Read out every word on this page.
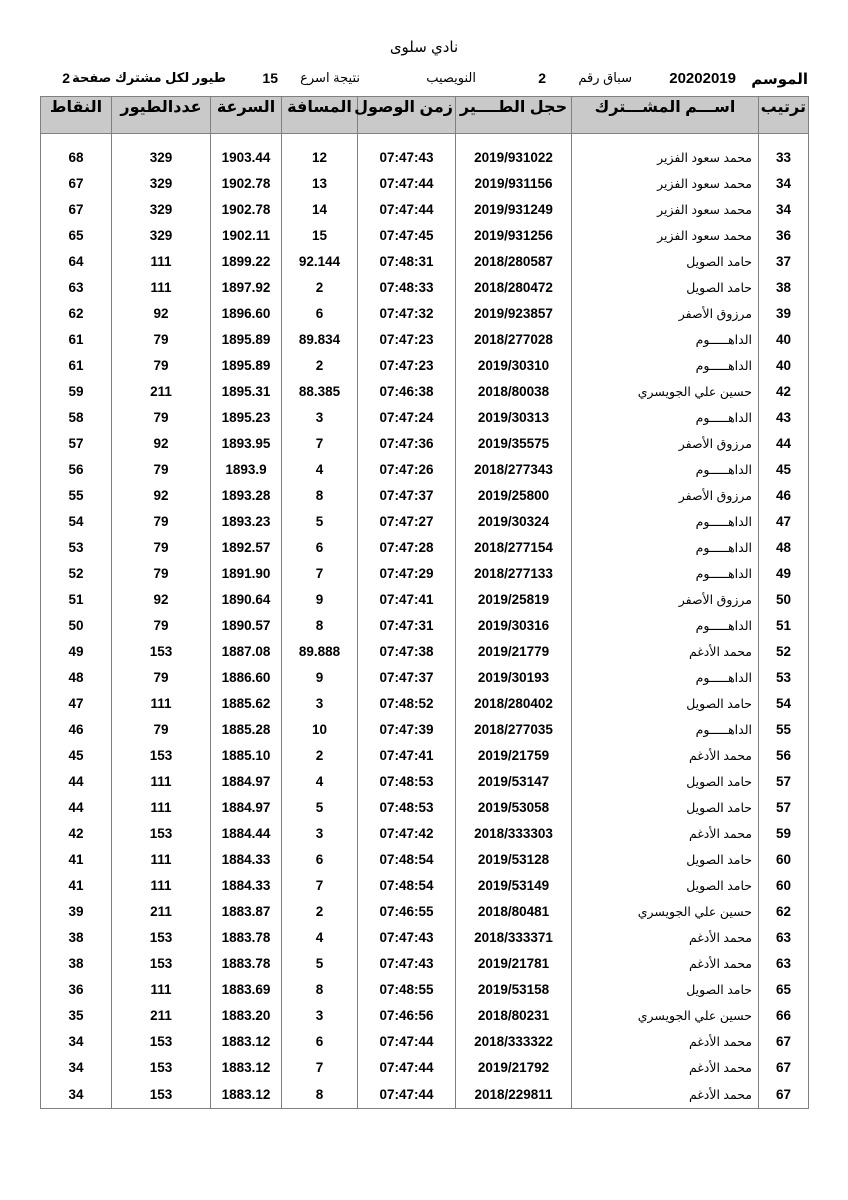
نادي سلوى
الموسم
20202019
سباق رقم
2
النويصيب
نتيجة اسرع
15
طيور لكل مشترك صفحة
2
ترتيب	اســـم المشـــترك	حجل الطــــير	زمن الوصول	المسافة	السرعة	عددالطيور	النقاط
33	محمد سعود الفزير	2019/931022	07:47:43	12	1903.44	329	68
34	محمد سعود الفزير	2019/931156	07:47:44	13	1902.78	329	67
34	محمد سعود الفزير	2019/931249	07:47:44	14	1902.78	329	67
36	محمد سعود الفزير	2019/931256	07:47:45	15	1902.11	329	65
37	حامد الصويل	2018/280587	07:48:31	92.144	1899.22	111	64
38	حامد الصويل	2018/280472	07:48:33	2	1897.92	111	63
39	مرزوق الأصفر	2019/923857	07:47:32	6	1896.60	92	62
40	الداهـــــوم	2018/277028	07:47:23	89.834	1895.89	79	61
40	الداهـــــوم	2019/30310	07:47:23	2	1895.89	79	61
42	حسين علي الجويسري	2018/80038	07:46:38	88.385	1895.31	211	59
43	الداهـــــوم	2019/30313	07:47:24	3	1895.23	79	58
44	مرزوق الأصفر	2019/35575	07:47:36	7	1893.95	92	57
45	الداهـــــوم	2018/277343	07:47:26	4	1893.9	79	56
46	مرزوق الأصفر	2019/25800	07:47:37	8	1893.28	92	55
47	الداهـــــوم	2019/30324	07:47:27	5	1893.23	79	54
48	الداهـــــوم	2018/277154	07:47:28	6	1892.57	79	53
49	الداهـــــوم	2018/277133	07:47:29	7	1891.90	79	52
50	مرزوق الأصفر	2019/25819	07:47:41	9	1890.64	92	51
51	الداهـــــوم	2019/30316	07:47:31	8	1890.57	79	50
52	محمد الأدغم	2019/21779	07:47:38	89.888	1887.08	153	49
53	الداهـــــوم	2019/30193	07:47:37	9	1886.60	79	48
54	حامد الصويل	2018/280402	07:48:52	3	1885.62	111	47
55	الداهـــــوم	2018/277035	07:47:39	10	1885.28	79	46
56	محمد الأدغم	2019/21759	07:47:41	2	1885.10	153	45
57	حامد الصويل	2019/53147	07:48:53	4	1884.97	111	44
57	حامد الصويل	2019/53058	07:48:53	5	1884.97	111	44
59	محمد الأدغم	2018/333303	07:47:42	3	1884.44	153	42
60	حامد الصويل	2019/53128	07:48:54	6	1884.33	111	41
60	حامد الصويل	2019/53149	07:48:54	7	1884.33	111	41
62	حسين علي الجويسري	2018/80481	07:46:55	2	1883.87	211	39
63	محمد الأدغم	2018/333371	07:47:43	4	1883.78	153	38
63	محمد الأدغم	2019/21781	07:47:43	5	1883.78	153	38
65	حامد الصويل	2019/53158	07:48:55	8	1883.69	111	36
66	حسين علي الجويسري	2018/80231	07:46:56	3	1883.20	211	35
67	محمد الأدغم	2018/333322	07:47:44	6	1883.12	153	34
67	محمد الأدغم	2019/21792	07:47:44	7	1883.12	153	34
67	محمد الأدغم	2018/229811	07:47:44	8	1883.12	153	34
